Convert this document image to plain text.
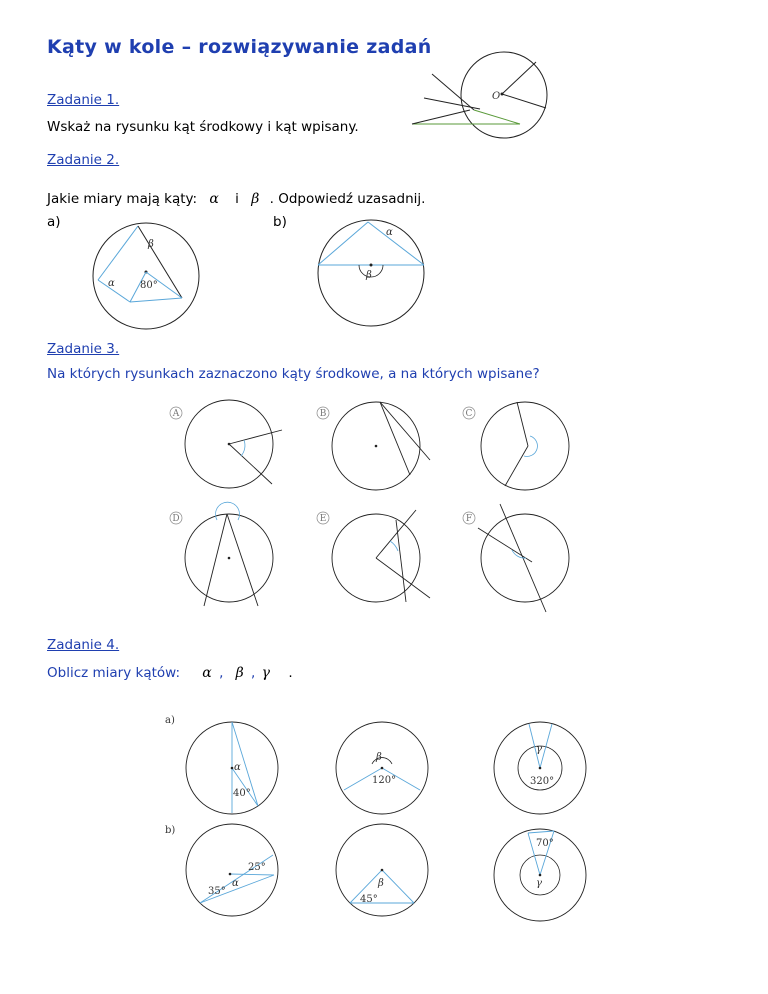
Kąty w kole – rozwiązywanie zadań
Zadanie 1.
Wskaż na rysunku kąt środkowy i kąt wpisany.
O
Zadanie 2.
Jakie miary mają kąty: α i β . Odpowiedź uzasadnij.
a)	b)
β
α	80°
α
β
Zadanie 3.
Na których rysunkach zaznaczono kąty środkowe, a na których wpisane?
A	B	C
D	E	F
Zadanie 4.
Oblicz miary kątów: α , β , γ .
a)
b)
α
40°
β
120°
γ
320°
25°
35°
α	β
45°
70°
γ
